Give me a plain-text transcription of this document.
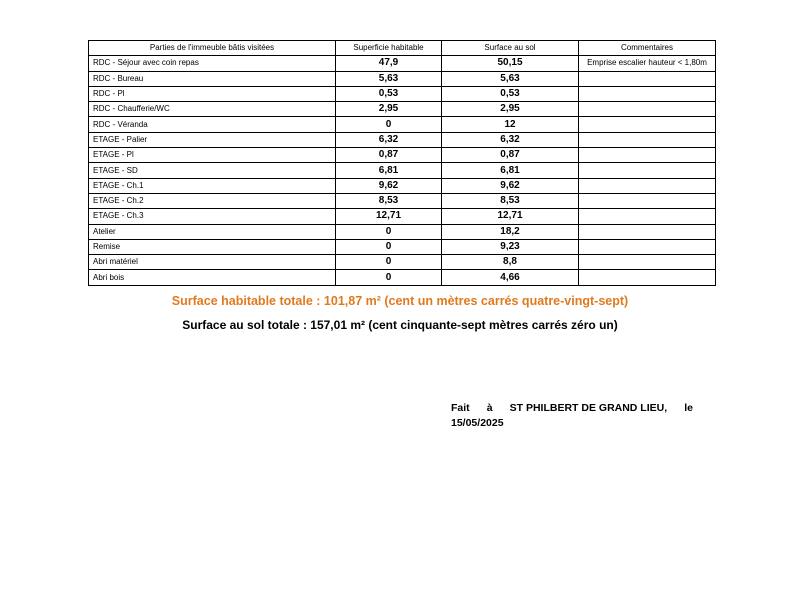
Parties de l'immeuble bâtis visitées	Superficie habitable	Surface au sol	Commentaires
RDC - Séjour avec coin repas	47,9	50,15	Emprise escalier hauteur < 1,80m
RDC - Bureau	5,63	5,63	
RDC - Pl	0,53	0,53	
RDC - Chaufferie/WC	2,95	2,95	
RDC - Véranda	0	12	
ETAGE - Palier	6,32	6,32	
ETAGE - Pl	0,87	0,87	
ETAGE - SD	6,81	6,81	
ETAGE - Ch.1	9,62	9,62	
ETAGE - Ch.2	8,53	8,53	
ETAGE - Ch.3	12,71	12,71	
Atelier	0	18,2	
Remise	0	9,23	
Abri matériel	0	8,8	
Abri bois	0	4,66	
Surface habitable totale : 101,87 m² (cent un mètres carrés quatre-vingt-sept)
Surface au sol totale : 157,01 m² (cent cinquante-sept mètres carrés zéro un)
Fait à ST PHILBERT DE GRAND LIEU, le
15/05/2025
